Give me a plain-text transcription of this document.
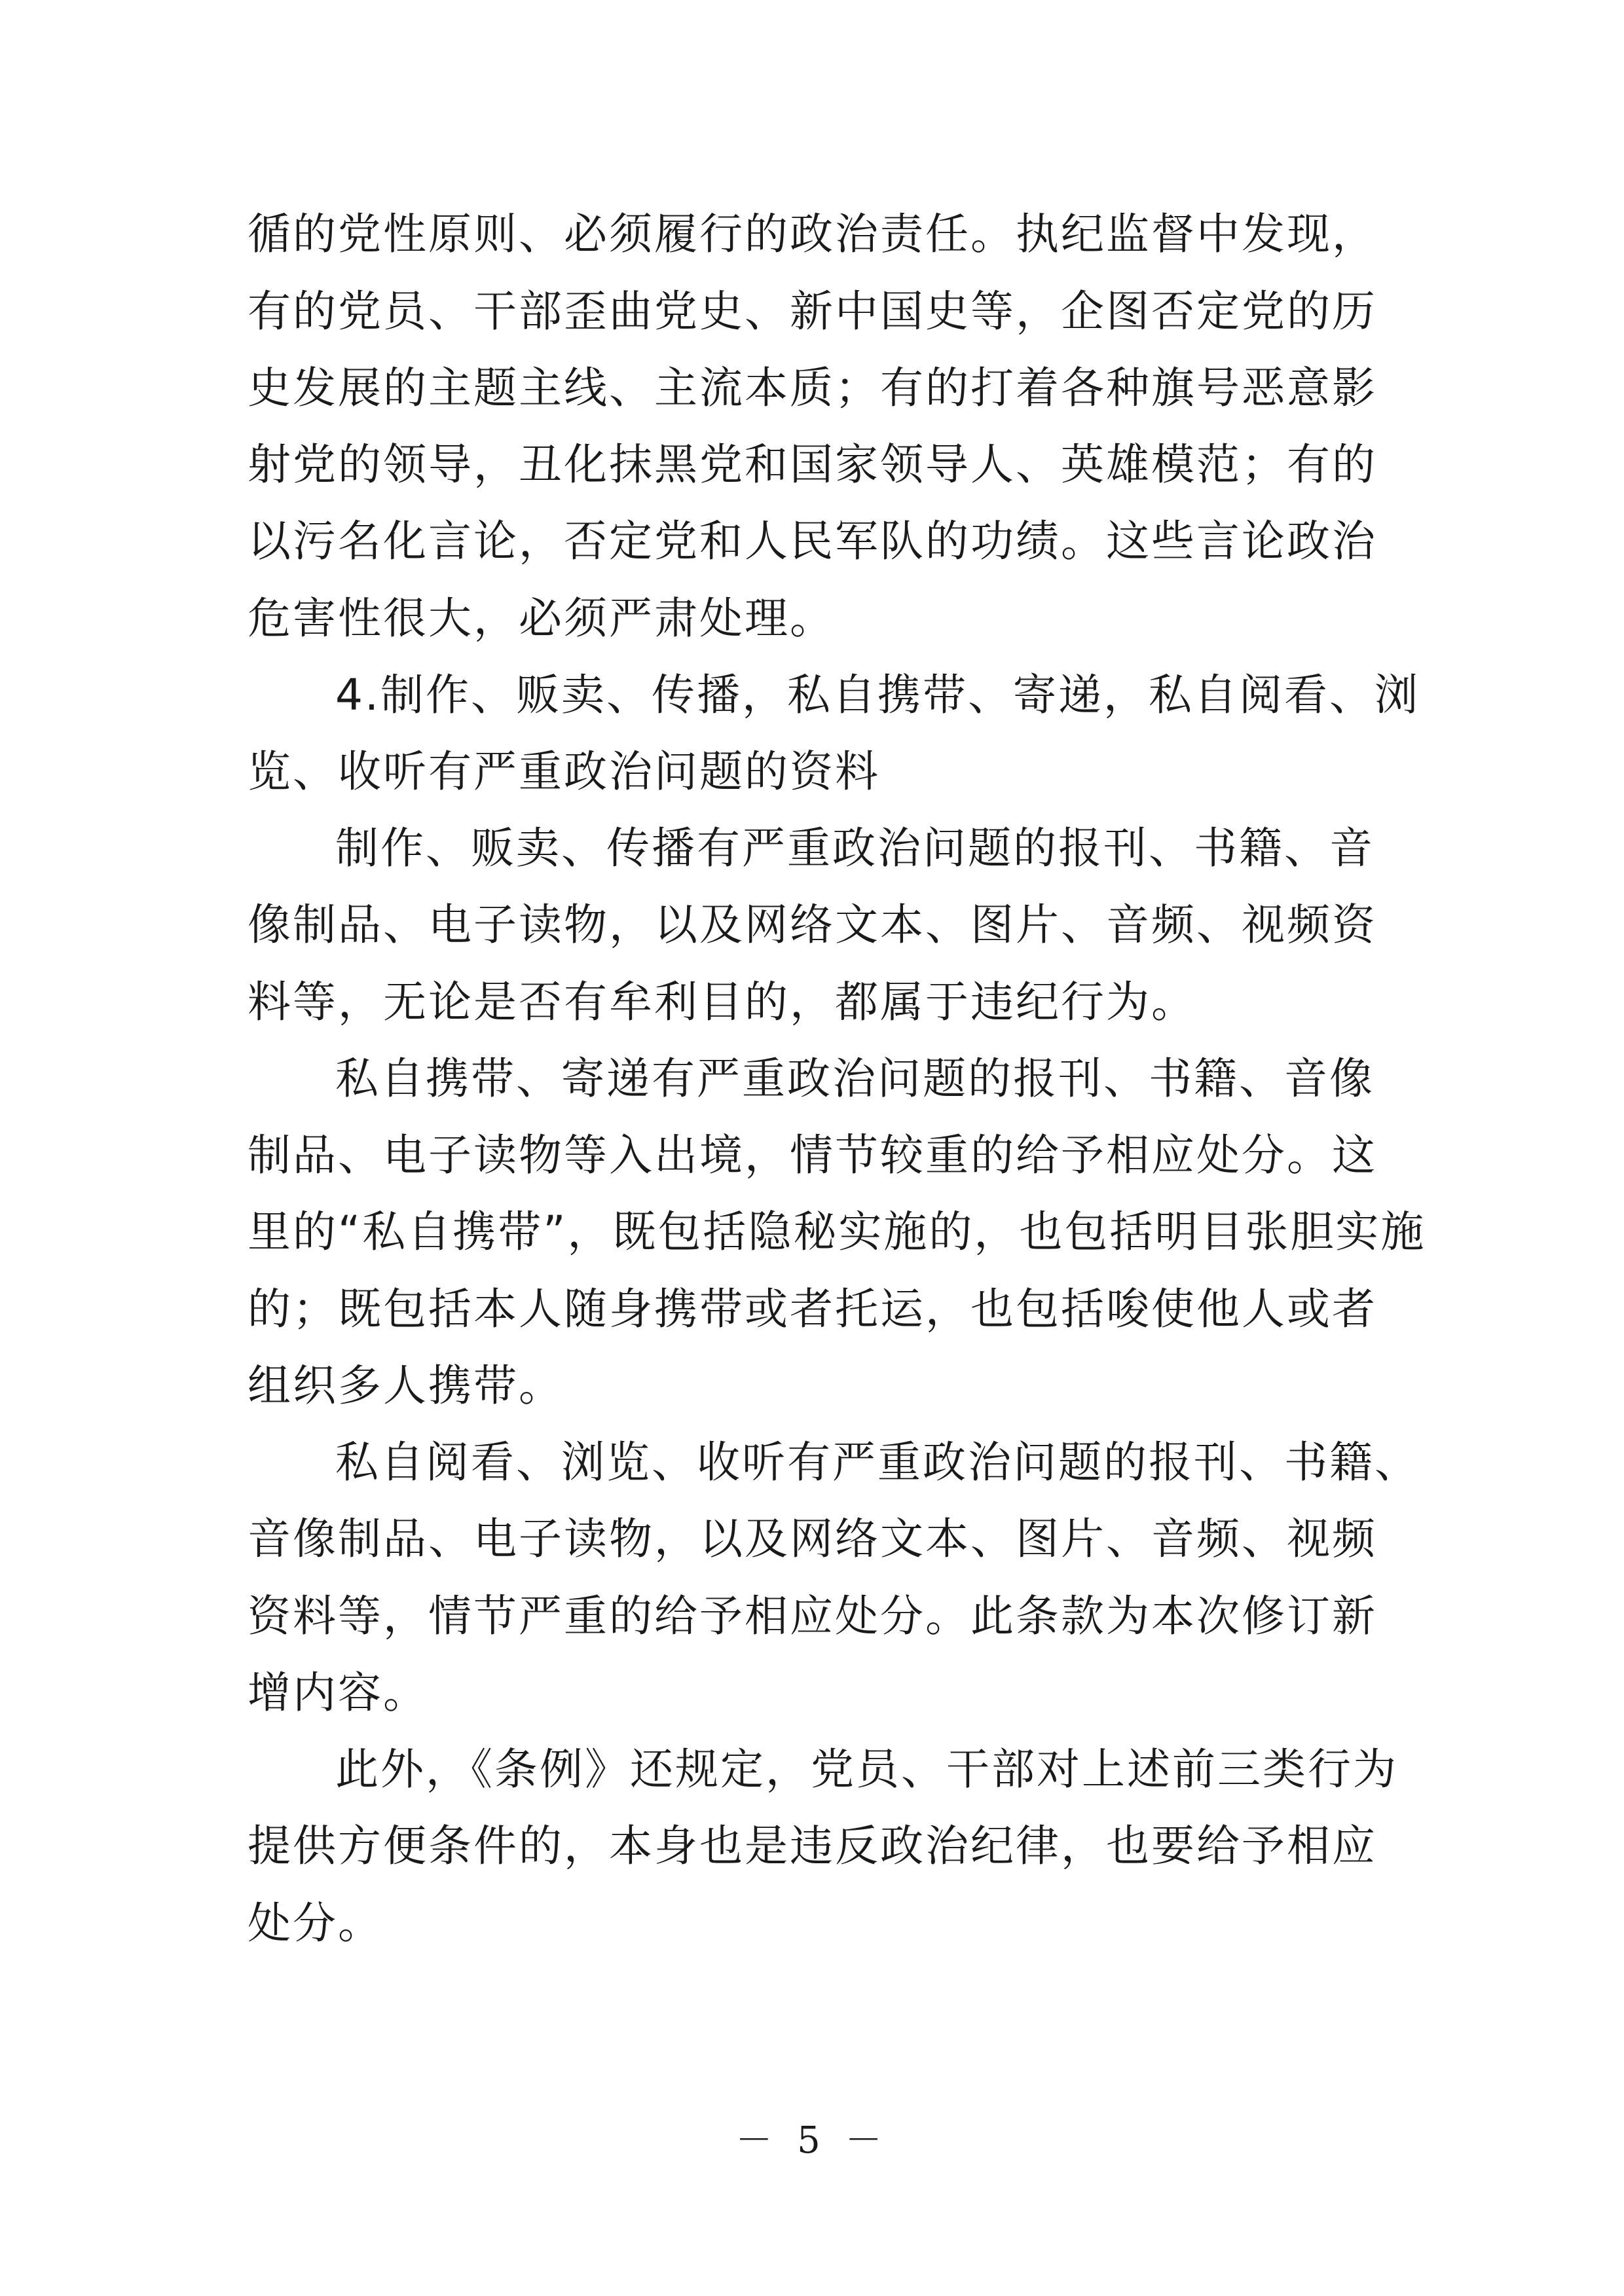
循的党性原则、必须履行的政治责任。执纪监督中发现，
有的党员、干部歪曲党史、新中国史等，企图否定党的历
史发展的主题主线、主流本质；有的打着各种旗号恶意影
射党的领导，丑化抹黑党和国家领导人、英雄模范；有的
以污名化言论，否定党和人民军队的功绩。这些言论政治
危害性很大，必须严肃处理。
4.制作、贩卖、传播，私自携带、寄递，私自阅看、浏
览、收听有严重政治问题的资料
制作、贩卖、传播有严重政治问题的报刊、书籍、音
像制品、电子读物，以及网络文本、图片、音频、视频资
料等，无论是否有牟利目的，都属于违纪行为。
私自携带、寄递有严重政治问题的报刊、书籍、音像
制品、电子读物等入出境，情节较重的给予相应处分。这
里的“私自携带”，既包括隐秘实施的，也包括明目张胆实施
的；既包括本人随身携带或者托运，也包括唆使他人或者
组织多人携带。
私自阅看、浏览、收听有严重政治问题的报刊、书籍、
音像制品、电子读物，以及网络文本、图片、音频、视频
资料等，情节严重的给予相应处分。此条款为本次修订新
增内容。
此外，《条例》还规定，党员、干部对上述前三类行为
提供方便条件的，本身也是违反政治纪律，也要给予相应
处分。
－ 5 －
